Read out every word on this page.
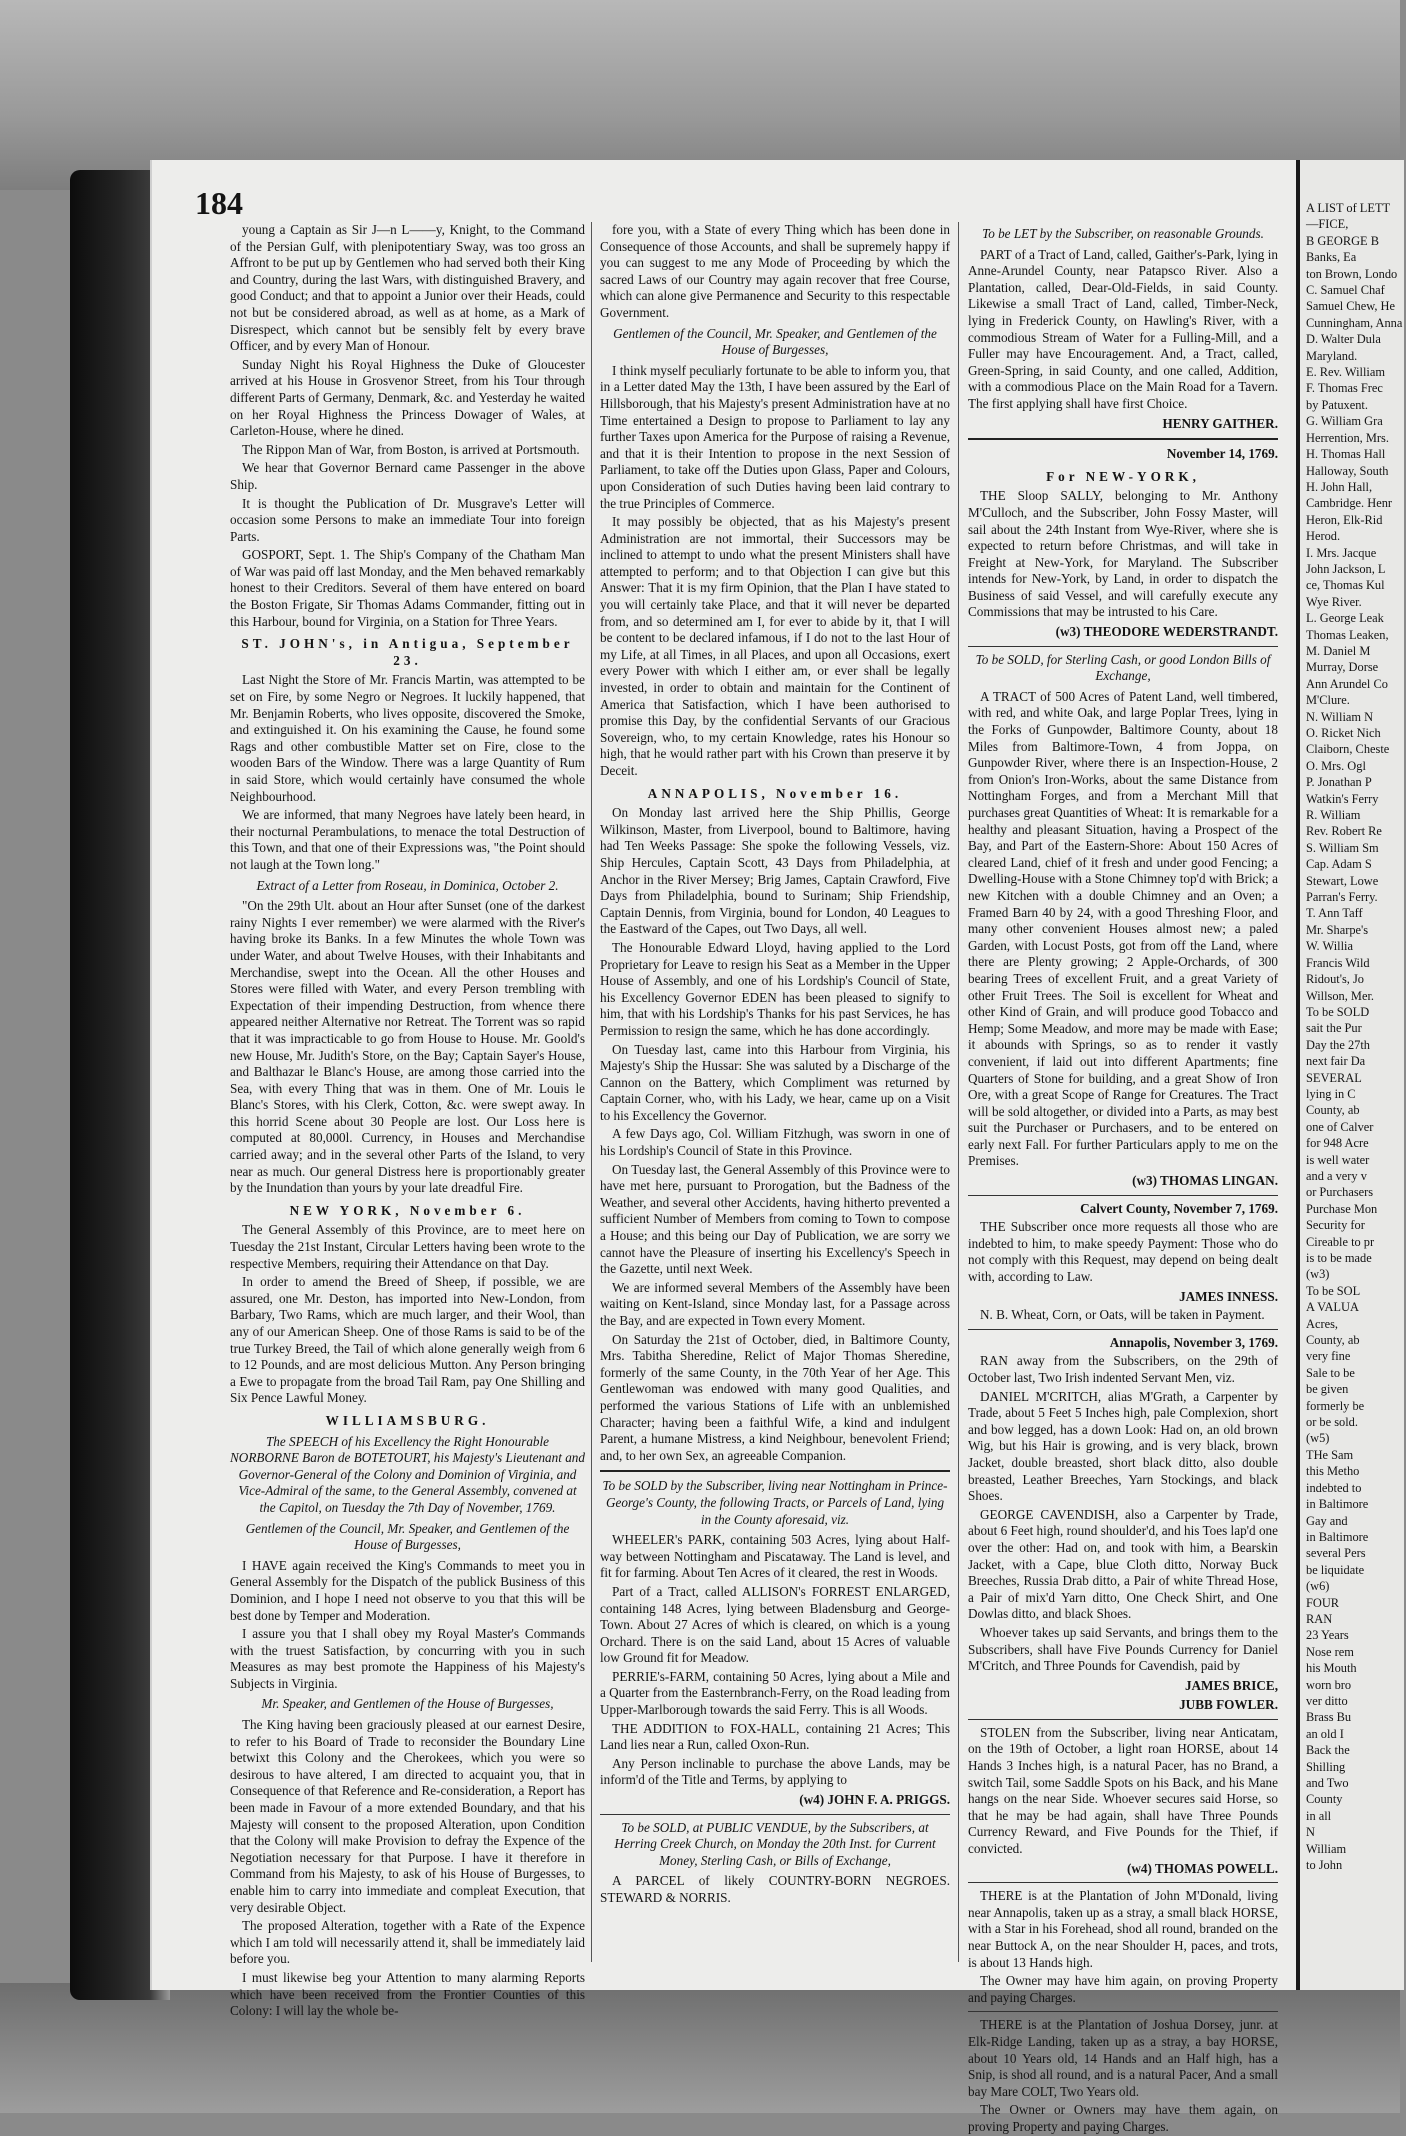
184

young a Captain as Sir J—n L——y, Knight, to the Command of the Persian Gulf, with plenipotentiary Sway, was too gross an Affront to be put up by Gentlemen who had served both their King and Country, during the last Wars, with distinguished Bravery, and good Conduct; and that to appoint a Junior over their Heads, could not but be considered abroad, as well as at home, as a Mark of Disrespect, which cannot but be sensibly felt by every brave Officer, and by every Man of Honour.

Sunday Night his Royal Highness the Duke of Gloucester arrived at his House in Grosvenor Street, from his Tour through different Parts of Germany, Denmark, &c. and Yesterday he waited on her Royal Highness the Princess Dowager of Wales, at Carleton-House, where he dined.

The Rippon Man of War, from Boston, is arrived at Portsmouth.

We hear that Governor Bernard came Passenger in the above Ship.

It is thought the Publication of Dr. Musgrave's Letter will occasion some Persons to make an immediate Tour into foreign Parts.

GOSPORT, Sept. 1. The Ship's Company of the Chatham Man of War was paid off last Monday, and the Men behaved remarkably honest to their Creditors. Several of them have entered on board the Boston Frigate, Sir Thomas Adams Commander, fitting out in this Harbour, bound for Virginia, on a Station for Three Years.

ST. JOHN's, in Antigua, September 23.

Last Night the Store of Mr. Francis Martin, was attempted to be set on Fire, by some Negro or Negroes. It luckily happened, that Mr. Benjamin Roberts, who lives opposite, discovered the Smoke, and extinguished it. On his examining the Cause, he found some Rags and other combustible Matter set on Fire, close to the wooden Bars of the Window. There was a large Quantity of Rum in said Store, which would certainly have consumed the whole Neighbourhood.

We are informed, that many Negroes have lately been heard, in their nocturnal Perambulations, to menace the total Destruction of this Town, and that one of their Expressions was, "the Point should not laugh at the Town long."

Extract of a Letter from Roseau, in Dominica, October 2.

"On the 29th Ult. about an Hour after Sunset (one of the darkest rainy Nights I ever remember) we were alarmed with the River's having broke its Banks. In a few Minutes the whole Town was under Water, and about Twelve Houses, with their Inhabitants and Merchandise, swept into the Ocean. All the other Houses and Stores were filled with Water, and every Person trembling with Expectation of their impending Destruction, from whence there appeared neither Alternative nor Retreat. The Torrent was so rapid that it was impracticable to go from House to House. Mr. Goold's new House, Mr. Judith's Store, on the Bay; Captain Sayer's House, and Balthazar le Blanc's House, are among those carried into the Sea, with every Thing that was in them. One of Mr. Louis le Blanc's Stores, with his Clerk, Cotton, &c. were swept away. In this horrid Scene about 30 People are lost. Our Loss here is computed at 80,000l. Currency, in Houses and Merchandise carried away; and in the several other Parts of the Island, to very near as much. Our general Distress here is proportionably greater by the Inundation than yours by your late dreadful Fire.

NEW YORK, November 6.

The General Assembly of this Province, are to meet here on Tuesday the 21st Instant, Circular Letters having been wrote to the respective Members, requiring their Attendance on that Day.

In order to amend the Breed of Sheep, if possible, we are assured, one Mr. Deston, has imported into New-London, from Barbary, Two Rams, which are much larger, and their Wool, than any of our American Sheep. One of those Rams is said to be of the true Turkey Breed, the Tail of which alone generally weigh from 6 to 12 Pounds, and are most delicious Mutton. Any Person bringing a Ewe to propagate from the broad Tail Ram, pay One Shilling and Six Pence Lawful Money.

WILLIAMSBURG.

The SPEECH of his Excellency the Right Honourable NORBORNE Baron de BOTETOURT, his Majesty's Lieutenant and Governor-General of the Colony and Dominion of Virginia, and Vice-Admiral of the same, to the General Assembly, convened at the Capitol, on Tuesday the 7th Day of November, 1769.

Gentlemen of the Council, Mr. Speaker, and Gentlemen of the House of Burgesses,

I HAVE again received the King's Commands to meet you in General Assembly for the Dispatch of the publick Business of this Dominion, and I hope I need not observe to you that this will be best done by Temper and Moderation.

I assure you that I shall obey my Royal Master's Commands with the truest Satisfaction, by concurring with you in such Measures as may best promote the Happiness of his Majesty's Subjects in Virginia.

Mr. Speaker, and Gentlemen of the House of Burgesses,

The King having been graciously pleased at our earnest Desire, to refer to his Board of Trade to reconsider the Boundary Line betwixt this Colony and the Cherokees, which you were so desirous to have altered, I am directed to acquaint you, that in Consequence of that Reference and Re-consideration, a Report has been made in Favour of a more extended Boundary, and that his Majesty will consent to the proposed Alteration, upon Condition that the Colony will make Provision to defray the Expence of the Negotiation necessary for that Purpose. I have it therefore in Command from his Majesty, to ask of his House of Burgesses, to enable him to carry into immediate and compleat Execution, that very desirable Object.

The proposed Alteration, together with a Rate of the Expence which I am told will necessarily attend it, shall be immediately laid before you.

I must likewise beg your Attention to many alarming Reports which have been received from the Frontier Counties of this Colony: I will lay the whole be-

fore you, with a State of every Thing which has been done in Consequence of those Accounts, and shall be supremely happy if you can suggest to me any Mode of Proceeding by which the sacred Laws of our Country may again recover that free Course, which can alone give Permanence and Security to this respectable Government.

Gentlemen of the Council, Mr. Speaker, and Gentlemen of the House of Burgesses,

I think myself peculiarly fortunate to be able to inform you, that in a Letter dated May the 13th, I have been assured by the Earl of Hillsborough, that his Majesty's present Administration have at no Time entertained a Design to propose to Parliament to lay any further Taxes upon America for the Purpose of raising a Revenue, and that it is their Intention to propose in the next Session of Parliament, to take off the Duties upon Glass, Paper and Colours, upon Consideration of such Duties having been laid contrary to the true Principles of Commerce.

It may possibly be objected, that as his Majesty's present Administration are not immortal, their Successors may be inclined to attempt to undo what the present Ministers shall have attempted to perform; and to that Objection I can give but this Answer: That it is my firm Opinion, that the Plan I have stated to you will certainly take Place, and that it will never be departed from, and so determined am I, for ever to abide by it, that I will be content to be declared infamous, if I do not to the last Hour of my Life, at all Times, in all Places, and upon all Occasions, exert every Power with which I either am, or ever shall be legally invested, in order to obtain and maintain for the Continent of America that Satisfaction, which I have been authorised to promise this Day, by the confidential Servants of our Gracious Sovereign, who, to my certain Knowledge, rates his Honour so high, that he would rather part with his Crown than preserve it by Deceit.

ANNAPOLIS, November 16.

On Monday last arrived here the Ship Phillis, George Wilkinson, Master, from Liverpool, bound to Baltimore, having had Ten Weeks Passage: She spoke the following Vessels, viz. Ship Hercules, Captain Scott, 43 Days from Philadelphia, at Anchor in the River Mersey; Brig James, Captain Crawford, Five Days from Philadelphia, bound to Surinam; Ship Friendship, Captain Dennis, from Virginia, bound for London, 40 Leagues to the Eastward of the Capes, out Two Days, all well.

The Honourable Edward Lloyd, having applied to the Lord Proprietary for Leave to resign his Seat as a Member in the Upper House of Assembly, and one of his Lordship's Council of State, his Excellency Governor EDEN has been pleased to signify to him, that with his Lordship's Thanks for his past Services, he has Permission to resign the same, which he has done accordingly.

On Tuesday last, came into this Harbour from Virginia, his Majesty's Ship the Hussar: She was saluted by a Discharge of the Cannon on the Battery, which Compliment was returned by Captain Corner, who, with his Lady, we hear, came up on a Visit to his Excellency the Governor.

A few Days ago, Col. William Fitzhugh, was sworn in one of his Lordship's Council of State in this Province.

On Tuesday last, the General Assembly of this Province were to have met here, pursuant to Prorogation, but the Badness of the Weather, and several other Accidents, having hitherto prevented a sufficient Number of Members from coming to Town to compose a House; and this being our Day of Publication, we are sorry we cannot have the Pleasure of inserting his Excellency's Speech in the Gazette, until next Week.

We are informed several Members of the Assembly have been waiting on Kent-Island, since Monday last, for a Passage across the Bay, and are expected in Town every Moment.

On Saturday the 21st of October, died, in Baltimore County, Mrs. Tabitha Sheredine, Relict of Major Thomas Sheredine, formerly of the same County, in the 70th Year of her Age. This Gentlewoman was endowed with many good Qualities, and performed the various Stations of Life with an unblemished Character; having been a faithful Wife, a kind and indulgent Parent, a humane Mistress, a kind Neighbour, benevolent Friend; and, to her own Sex, an agreeable Companion.

To be SOLD by the Subscriber, living near Nottingham in Prince-George's County, the following Tracts, or Parcels of Land, lying in the County aforesaid, viz.

WHEELER's PARK, containing 503 Acres, lying about Half-way between Nottingham and Piscataway. The Land is level, and fit for farming. About Ten Acres of it cleared, the rest in Woods.

Part of a Tract, called ALLISON's FORREST ENLARGED, containing 148 Acres, lying between Bladensburg and George-Town. About 27 Acres of which is cleared, on which is a young Orchard. There is on the said Land, about 15 Acres of valuable low Ground fit for Meadow.

PERRIE's-FARM, containing 50 Acres, lying about a Mile and a Quarter from the Easternbranch-Ferry, on the Road leading from Upper-Marlborough towards the said Ferry. This is all Woods.

THE ADDITION to FOX-HALL, containing 21 Acres; This Land lies near a Run, called Oxon-Run.

Any Person inclinable to purchase the above Lands, may be inform'd of the Title and Terms, by applying to

(w4) JOHN F. A. PRIGGS.

To be SOLD, at PUBLIC VENDUE, by the Subscribers, at Herring Creek Church, on Monday the 20th Inst. for Current Money, Sterling Cash, or Bills of Exchange,

A PARCEL of likely COUNTRY-BORN NEGROES. STEWARD & NORRIS.

To be LET by the Subscriber, on reasonable Grounds.

PART of a Tract of Land, called, Gaither's-Park, lying in Anne-Arundel County, near Patapsco River. Also a Plantation, called, Dear-Old-Fields, in said County. Likewise a small Tract of Land, called, Timber-Neck, lying in Frederick County, on Hawling's River, with a commodious Stream of Water for a Fulling-Mill, and a Fuller may have Encouragement. And, a Tract, called, Green-Spring, in said County, and one called, Addition, with a commodious Place on the Main Road for a Tavern. The first applying shall have first Choice.

HENRY GAITHER.

November 14, 1769.

For NEW-YORK,

THE Sloop SALLY, belonging to Mr. Anthony M'Culloch, and the Subscriber, John Fossy Master, will sail about the 24th Instant from Wye-River, where she is expected to return before Christmas, and will take in Freight at New-York, for Maryland. The Subscriber intends for New-York, by Land, in order to dispatch the Business of said Vessel, and will carefully execute any Commissions that may be intrusted to his Care.

(w3) THEODORE WEDERSTRANDT.

To be SOLD, for Sterling Cash, or good London Bills of Exchange,

A TRACT of 500 Acres of Patent Land, well timbered, with red, and white Oak, and large Poplar Trees, lying in the Forks of Gunpowder, Baltimore County, about 18 Miles from Baltimore-Town, 4 from Joppa, on Gunpowder River, where there is an Inspection-House, 2 from Onion's Iron-Works, about the same Distance from Nottingham Forges, and from a Merchant Mill that purchases great Quantities of Wheat: It is remarkable for a healthy and pleasant Situation, having a Prospect of the Bay, and Part of the Eastern-Shore: About 150 Acres of cleared Land, chief of it fresh and under good Fencing; a Dwelling-House with a Stone Chimney top'd with Brick; a new Kitchen with a double Chimney and an Oven; a Framed Barn 40 by 24, with a good Threshing Floor, and many other convenient Houses almost new; a paled Garden, with Locust Posts, got from off the Land, where there are Plenty growing; 2 Apple-Orchards, of 300 bearing Trees of excellent Fruit, and a great Variety of other Fruit Trees. The Soil is excellent for Wheat and other Kind of Grain, and will produce good Tobacco and Hemp; Some Meadow, and more may be made with Ease; it abounds with Springs, so as to render it vastly convenient, if laid out into different Apartments; fine Quarters of Stone for building, and a great Show of Iron Ore, with a great Scope of Range for Creatures. The Tract will be sold altogether, or divided into a Parts, as may best suit the Purchaser or Purchasers, and to be entered on early next Fall. For further Particulars apply to me on the Premises.

(w3) THOMAS LINGAN.

Calvert County, November 7, 1769.

THE Subscriber once more requests all those who are indebted to him, to make speedy Payment: Those who do not comply with this Request, may depend on being dealt with, according to Law.

JAMES INNESS.

N. B. Wheat, Corn, or Oats, will be taken in Payment.

Annapolis, November 3, 1769.

RAN away from the Subscribers, on the 29th of October last, Two Irish indented Servant Men, viz.

DANIEL M'CRITCH, alias M'Grath, a Carpenter by Trade, about 5 Feet 5 Inches high, pale Complexion, short and bow legged, has a down Look: Had on, an old brown Wig, but his Hair is growing, and is very black, brown Jacket, double breasted, short black ditto, also double breasted, Leather Breeches, Yarn Stockings, and black Shoes.

GEORGE CAVENDISH, also a Carpenter by Trade, about 6 Feet high, round shoulder'd, and his Toes lap'd one over the other: Had on, and took with him, a Bearskin Jacket, with a Cape, blue Cloth ditto, Norway Buck Breeches, Russia Drab ditto, a Pair of white Thread Hose, a Pair of mix'd Yarn ditto, One Check Shirt, and One Dowlas ditto, and black Shoes.

Whoever takes up said Servants, and brings them to the Subscribers, shall have Five Pounds Currency for Daniel M'Critch, and Three Pounds for Cavendish, paid by

JAMES BRICE,

JUBB FOWLER.

STOLEN from the Subscriber, living near Anticatam, on the 19th of October, a light roan HORSE, about 14 Hands 3 Inches high, is a natural Pacer, has no Brand, a switch Tail, some Saddle Spots on his Back, and his Mane hangs on the near Side. Whoever secures said Horse, so that he may be had again, shall have Three Pounds Currency Reward, and Five Pounds for the Thief, if convicted.

(w4) THOMAS POWELL.

THERE is at the Plantation of John M'Donald, living near Annapolis, taken up as a stray, a small black HORSE, with a Star in his Forehead, shod all round, branded on the near Buttock A, on the near Shoulder H, paces, and trots, is about 13 Hands high.

The Owner may have him again, on proving Property and paying Charges.

THERE is at the Plantation of Joshua Dorsey, junr. at Elk-Ridge Landing, taken up as a stray, a bay HORSE, about 10 Years old, 14 Hands and an Half high, has a Snip, is shod all round, and is a natural Pacer, And a small bay Mare COLT, Two Years old.

The Owner or Owners may have them again, on proving Property and paying Charges.

A LIST of LETT
—FICE,
B GEORGE B
Banks, Ea
ton Brown, Londo
C. Samuel Chaf
Samuel Chew, He
Cunningham, Anna
D. Walter Dula
Maryland.
E. Rev. William
F. Thomas Frec
by Patuxent.
G. William Gra
Herrention, Mrs.
H. Thomas Hall
Halloway, South
H. John Hall,
Cambridge. Henr
Heron, Elk-Rid
Herod.
I. Mrs. Jacque
John Jackson, L
ce, Thomas Kul
Wye River.
L. George Leak
Thomas Leaken,
M. Daniel M
Murray, Dorse
Ann Arundel Co
M'Clure.
N. William N
O. Ricket Nich
Claiborn, Cheste
O. Mrs. Ogl
P. Jonathan P
Watkin's Ferry
R. William
Rev. Robert Re
S. William Sm
Cap. Adam S
Stewart, Lowe
Parran's Ferry.
T. Ann Taff
Mr. Sharpe's
W. Willia
Francis Wild
Ridout's, Jo
Willson, Mer.
To be SOLD
sait the Pur
Day the 27th
next fair Da
SEVERAL
lying in C
County, ab
one of Calver
for 948 Acre
is well water
and a very v
or Purchasers
Purchase Mon
Security for
Cireable to pr
is to be made
(w3)
To be SOL
A VALUA
Acres,
County, ab
very fine
Sale to be
be given
formerly be
or be sold.
(w5)
THe Sam
this Metho
indebted to
in Baltimore
Gay and
in Baltimore
several Pers
be liquidate
(w6)
FOUR
RAN
23 Years
Nose rem
his Mouth
worn bro
ver ditto
Brass Bu
an old I
Back the
Shilling
and Two
County
in all
N
William
to John
